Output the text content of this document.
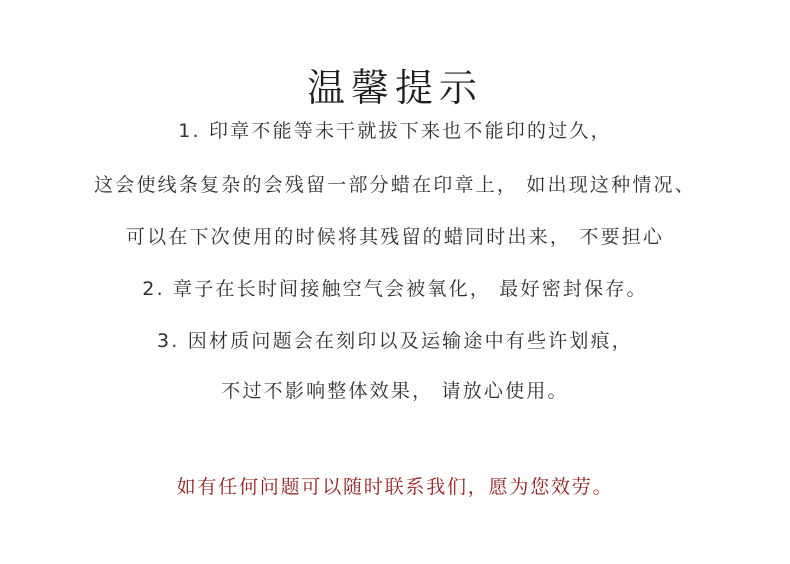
温馨提示
1. 印章不能等未干就拔下来也不能印的过久，
这会使线条复杂的会残留一部分蜡在印章上， 如出现这种情况、
可以在下次使用的时候将其残留的蜡同时出来， 不要担心
2. 章子在长时间接触空气会被氧化， 最好密封保存。
3. 因材质问题会在刻印以及运输途中有些许划痕，
不过不影响整体效果， 请放心使用。
如有任何问题可以随时联系我们，愿为您效劳。
